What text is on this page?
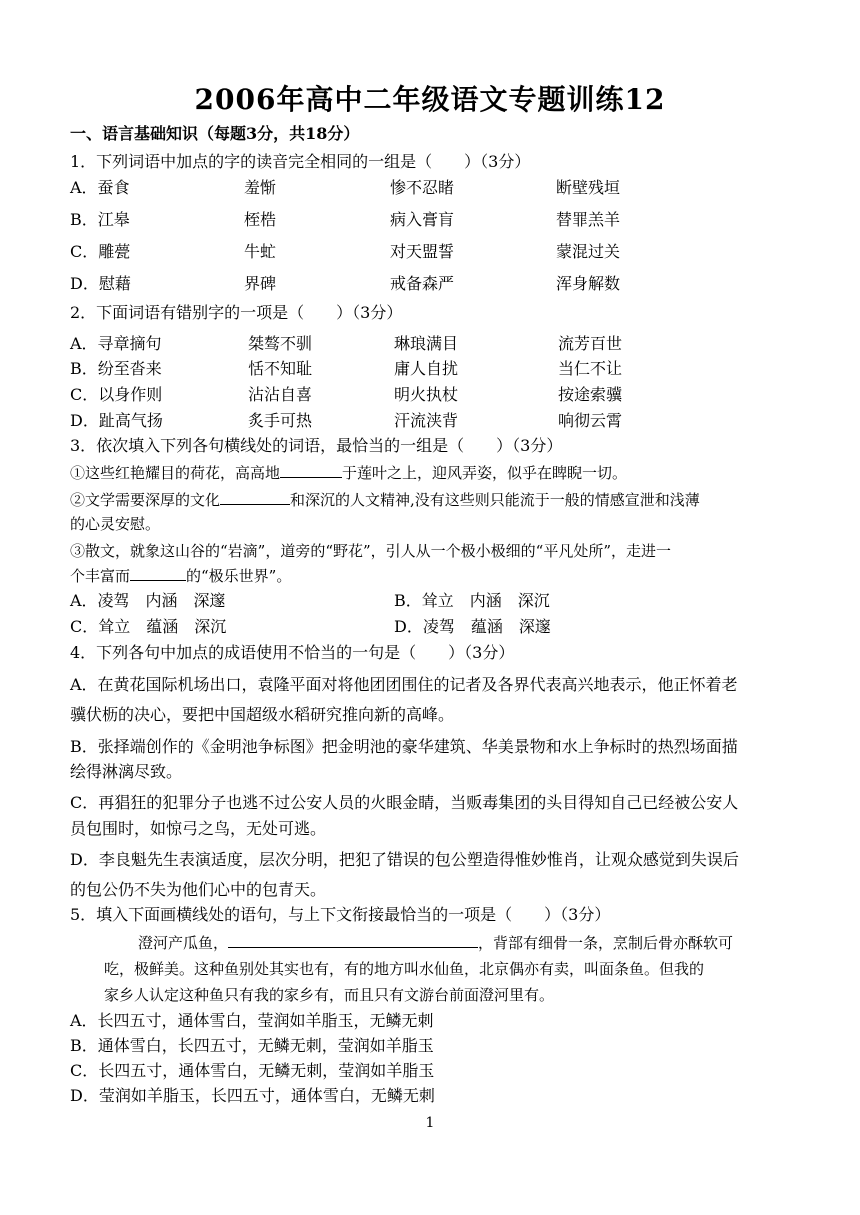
2006年高中二年级语文专题训练12
一、语言基础知识（每题3分，共18分）
1．下列词语中加点的字的读音完全相同的一组是（　　）（3分）
A．蚕食	羞惭	惨不忍睹	断壁残垣
B．江皋	桎梏	病入膏肓	替罪羔羊
C．雕甍	牛虻	对天盟誓	蒙混过关
D．慰藉	界碑	戒备森严	浑身解数
2．下面词语有错别字的一项是（　　）（3分）
A．寻章摘句	桀骜不驯	琳琅满目	流芳百世
B．纷至沓来	恬不知耻	庸人自扰	当仁不让
C．以身作则	沾沾自喜	明火执杖	按途索骥
D．趾高气扬	炙手可热	汗流浃背	响彻云霄
3．依次填入下列各句横线处的词语，最恰当的一组是（　　）（3分）
①这些红艳耀目的荷花，高高地	于莲叶之上，迎风弄姿，似乎在睥睨一切。
②文学需要深厚的文化	和深沉的人文精神,没有这些则只能流于一般的情感宣泄和浅薄
的心灵安慰。
③散文，就象这山谷的“岩滴”，道旁的“野花”，引人从一个极小极细的“平凡处所”，走进一
个丰富而	的“极乐世界”。
A．凌驾　内涵　深邃	B．耸立　内涵　深沉
C．耸立　蕴涵　深沉	D．凌驾　蕴涵　深邃
4．下列各句中加点的成语使用不恰当的一句是（　　）（3分）
A．在黄花国际机场出口，袁隆平面对将他团团围住的记者及各界代表高兴地表示，他正怀着老
骥伏枥的决心，要把中国超级水稻研究推向新的高峰。
B．张择端创作的《金明池争标图》把金明池的豪华建筑、华美景物和水上争标时的热烈场面描
绘得淋漓尽致。
C．再猖狂的犯罪分子也逃不过公安人员的火眼金睛，当贩毒集团的头目得知自己已经被公安人
员包围时，如惊弓之鸟，无处可逃。
D．李良魁先生表演适度，层次分明，把犯了错误的包公塑造得惟妙惟肖，让观众感觉到失误后
的包公仍不失为他们心中的包青天。
5．填入下面画横线处的语句，与上下文衔接最恰当的一项是（　　）（3分）
澄河产瓜鱼，	，背部有细骨一条，烹制后骨亦酥软可
吃，极鲜美。这种鱼别处其实也有，有的地方叫水仙鱼，北京偶亦有卖，叫面条鱼。但我的
家乡人认定这种鱼只有我的家乡有，而且只有文游台前面澄河里有。
A．长四五寸，通体雪白，莹润如羊脂玉，无鳞无刺
B．通体雪白，长四五寸，无鳞无刺，莹润如羊脂玉
C．长四五寸，通体雪白，无鳞无刺，莹润如羊脂玉
D．莹润如羊脂玉，长四五寸，通体雪白，无鳞无刺
1
